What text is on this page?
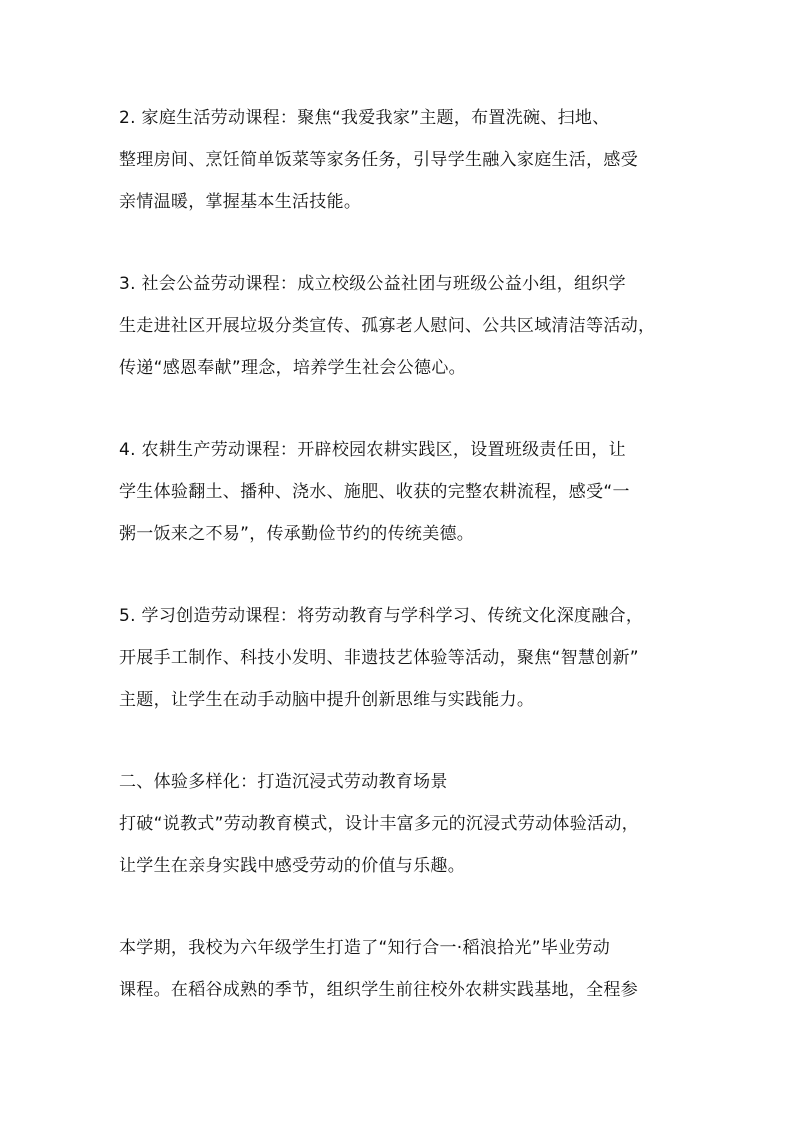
2. 家庭生活劳动课程：聚焦“我爱我家”主题，布置洗碗、扫地、
整理房间、烹饪简单饭菜等家务任务，引导学生融入家庭生活，感受
亲情温暖，掌握基本生活技能。
3. 社会公益劳动课程：成立校级公益社团与班级公益小组，组织学
生走进社区开展垃圾分类宣传、孤寡老人慰问、公共区域清洁等活动，
传递“感恩奉献”理念，培养学生社会公德心。
4. 农耕生产劳动课程：开辟校园农耕实践区，设置班级责任田，让
学生体验翻土、播种、浇水、施肥、收获的完整农耕流程，感受“一
粥一饭来之不易”，传承勤俭节约的传统美德。
5. 学习创造劳动课程：将劳动教育与学科学习、传统文化深度融合，
开展手工制作、科技小发明、非遗技艺体验等活动，聚焦“智慧创新”
主题，让学生在动手动脑中提升创新思维与实践能力。
二、体验多样化：打造沉浸式劳动教育场景
打破“说教式”劳动教育模式，设计丰富多元的沉浸式劳动体验活动，
让学生在亲身实践中感受劳动的价值与乐趣。
本学期，我校为六年级学生打造了“知行合一·稻浪拾光”毕业劳动
课程。在稻谷成熟的季节，组织学生前往校外农耕实践基地，全程参
